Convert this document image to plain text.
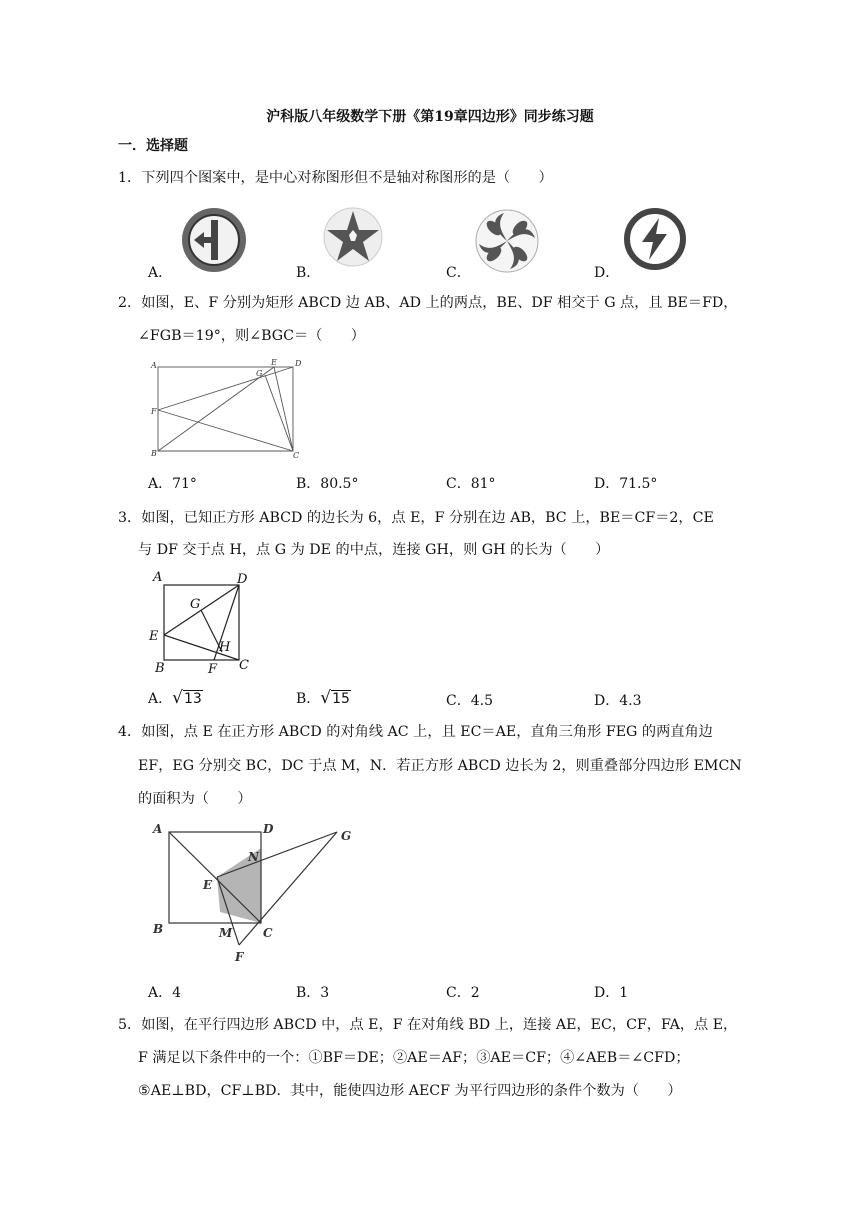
沪科版八年级数学下册《第19章四边形》同步练习题
一．选择题
1．下列四个图案中，是中心对称图形但不是轴对称图形的是（　　）
A．	B．	C．	D．
2．如图，E、F 分别为矩形 ABCD 边 AB、AD 上的两点，BE、DF 相交于 G 点，且 BE＝FD，
∠FGB＝19°，则∠BGC＝（　　）
A
F
B	C
D
E
G
A．71°	B．80.5°	C．81°	D．71.5°
3．如图，已知正方形 ABCD 的边长为 6，点 E，F 分别在边 AB，BC 上，BE＝CF＝2，CE
与 DF 交于点 H，点 G 为 DE 的中点，连接 GH，则 GH 的长为（　　）
A	D
G
E
H
B	F C
A．√13	B．√15	C．4.5	D．4.3
4．如图，点 E 在正方形 ABCD 的对角线 AC 上，且 EC＝AE，直角三角形 FEG 的两直角边
EF，EG 分别交 BC，DC 于点 M，N．若正方形 ABCD 边长为 2，则重叠部分四边形 EMCN
的面积为（　　）
A	D	G
N
E
B	M	C
F
A．4	B．3	C．2	D．1
5．如图，在平行四边形 ABCD 中，点 E，F 在对角线 BD 上，连接 AE，EC，CF，FA，点 E，
F 满足以下条件中的一个：①BF＝DE；②AE＝AF；③AE＝CF；④∠AEB＝∠CFD；
⑤AE⊥BD，CF⊥BD．其中，能使四边形 AECF 为平行四边形的条件个数为（　　）
